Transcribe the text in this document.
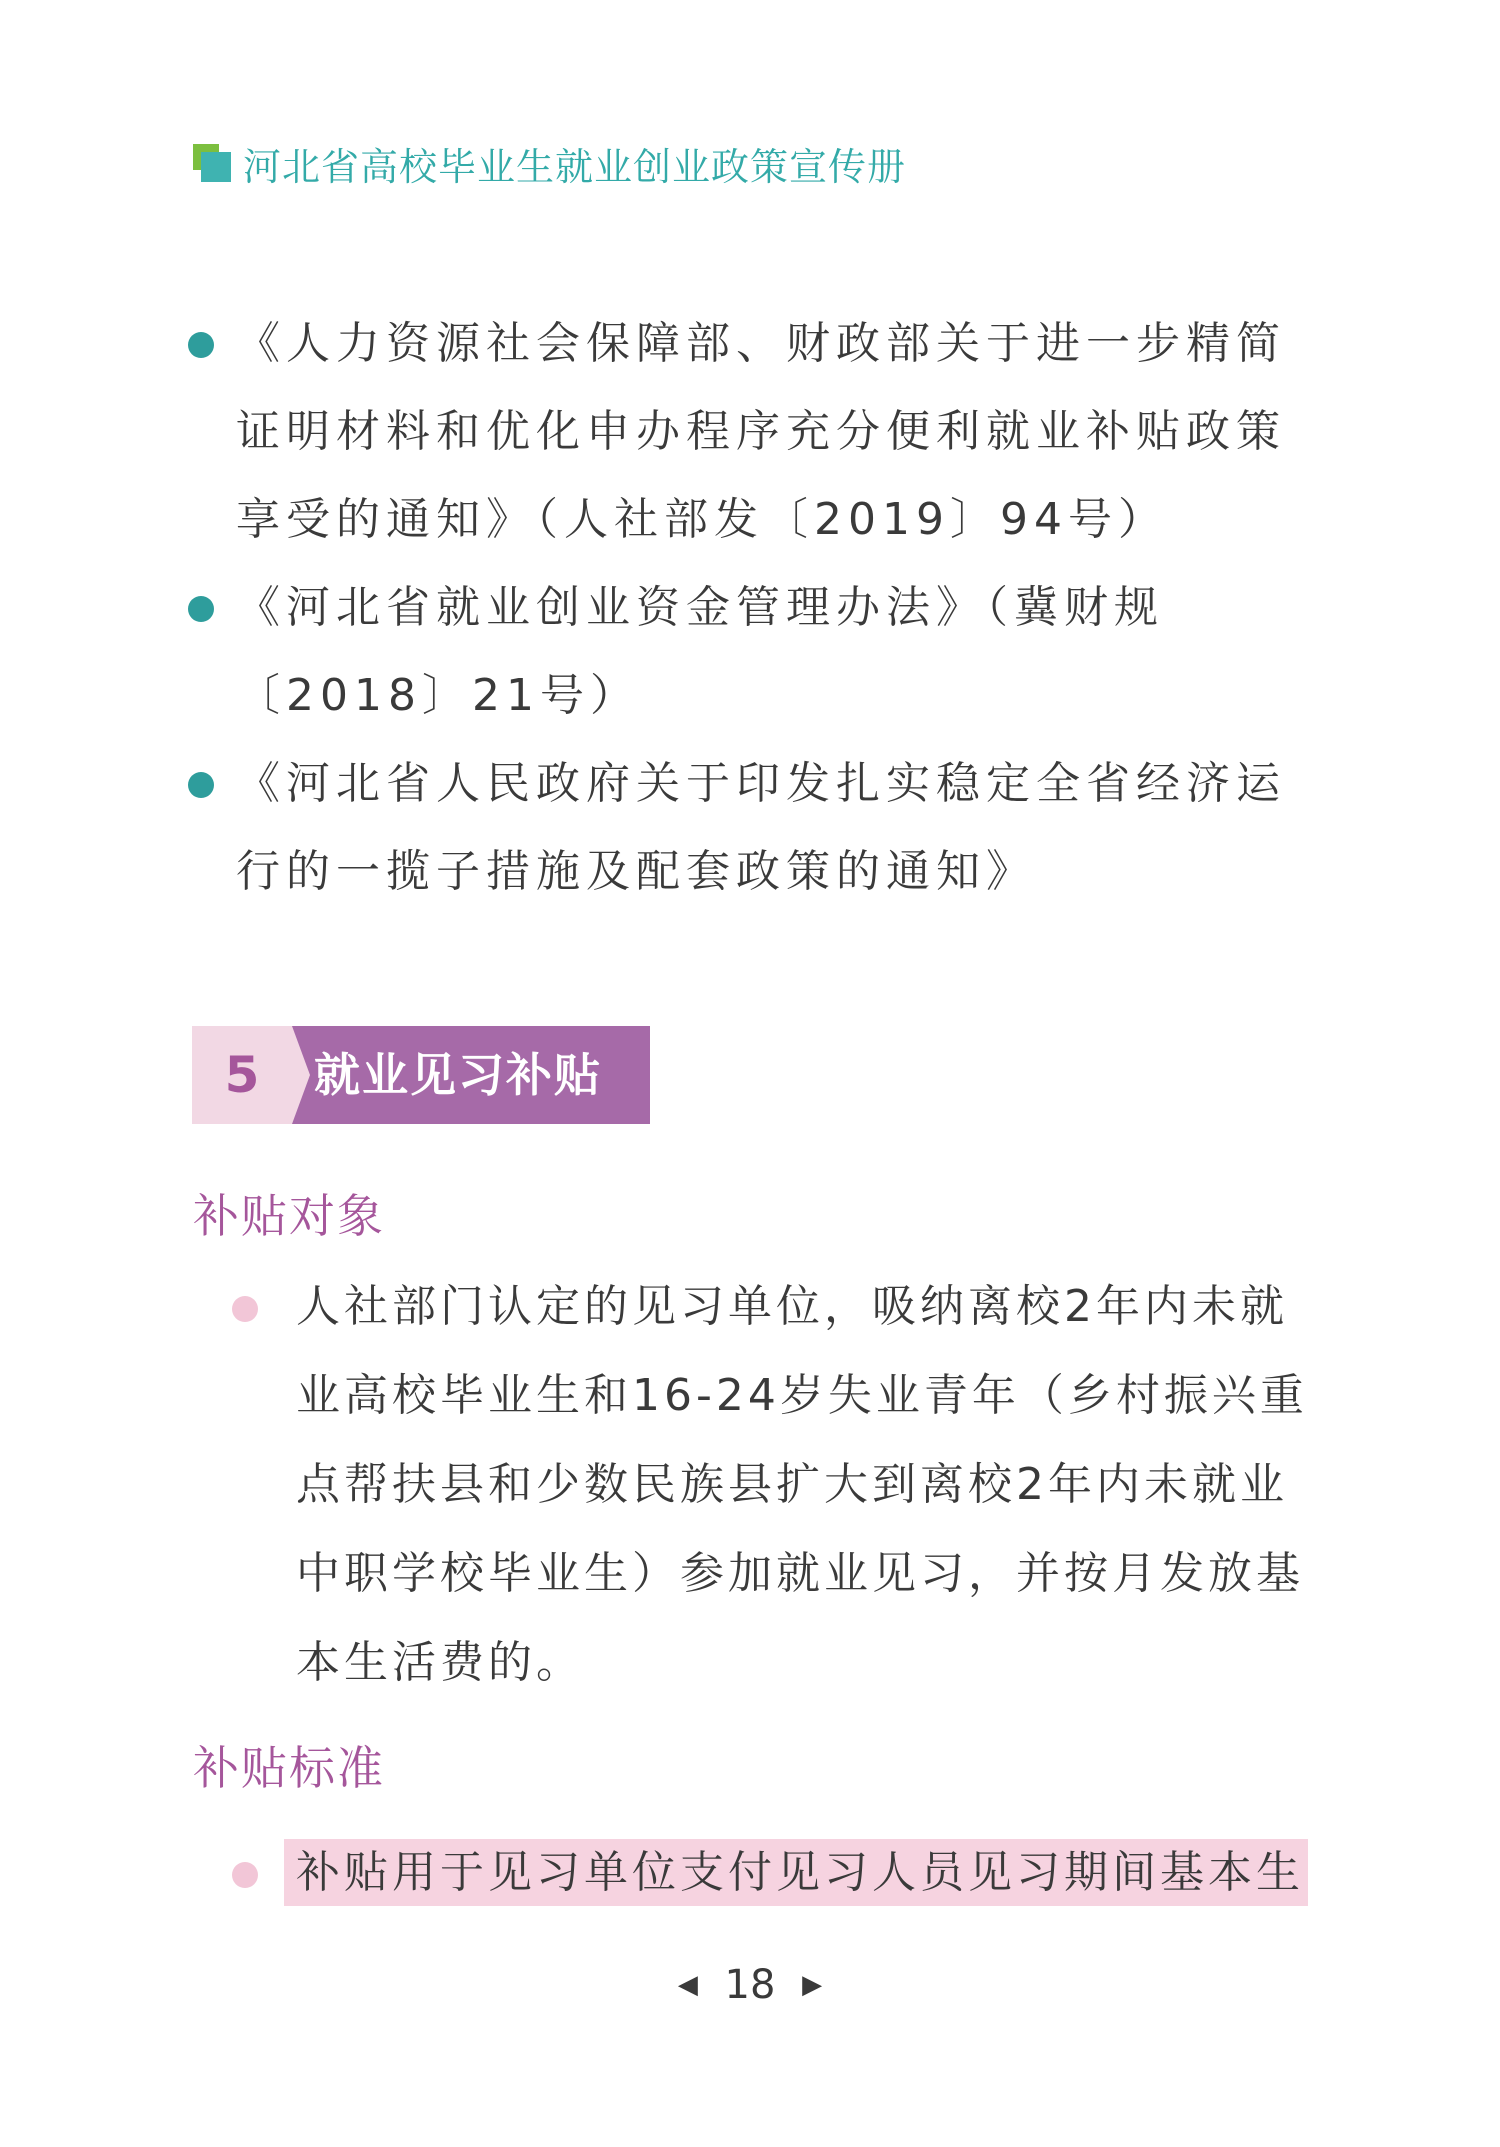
河北省高校毕业生就业创业政策宣传册
《人力资源社会保障部、财政部关于进一步精简证明材料和优化申办程序充分便利就业补贴政策享受的通知》（人社部发〔2019〕94号）
《河北省就业创业资金管理办法》（冀财规〔2018〕21号）
《河北省人民政府关于印发扎实稳定全省经济运行的一揽子措施及配套政策的通知》
5	就业见习补贴
补贴对象
人社部门认定的见习单位，吸纳离校2年内未就业高校毕业生和16-24岁失业青年（乡村振兴重点帮扶县和少数民族县扩大到离校2年内未就业中职学校毕业生）参加就业见习，并按月发放基本生活费的。
补贴标准
补贴用于见习单位支付见习人员见习期间基本生
◀ 18 ▶
